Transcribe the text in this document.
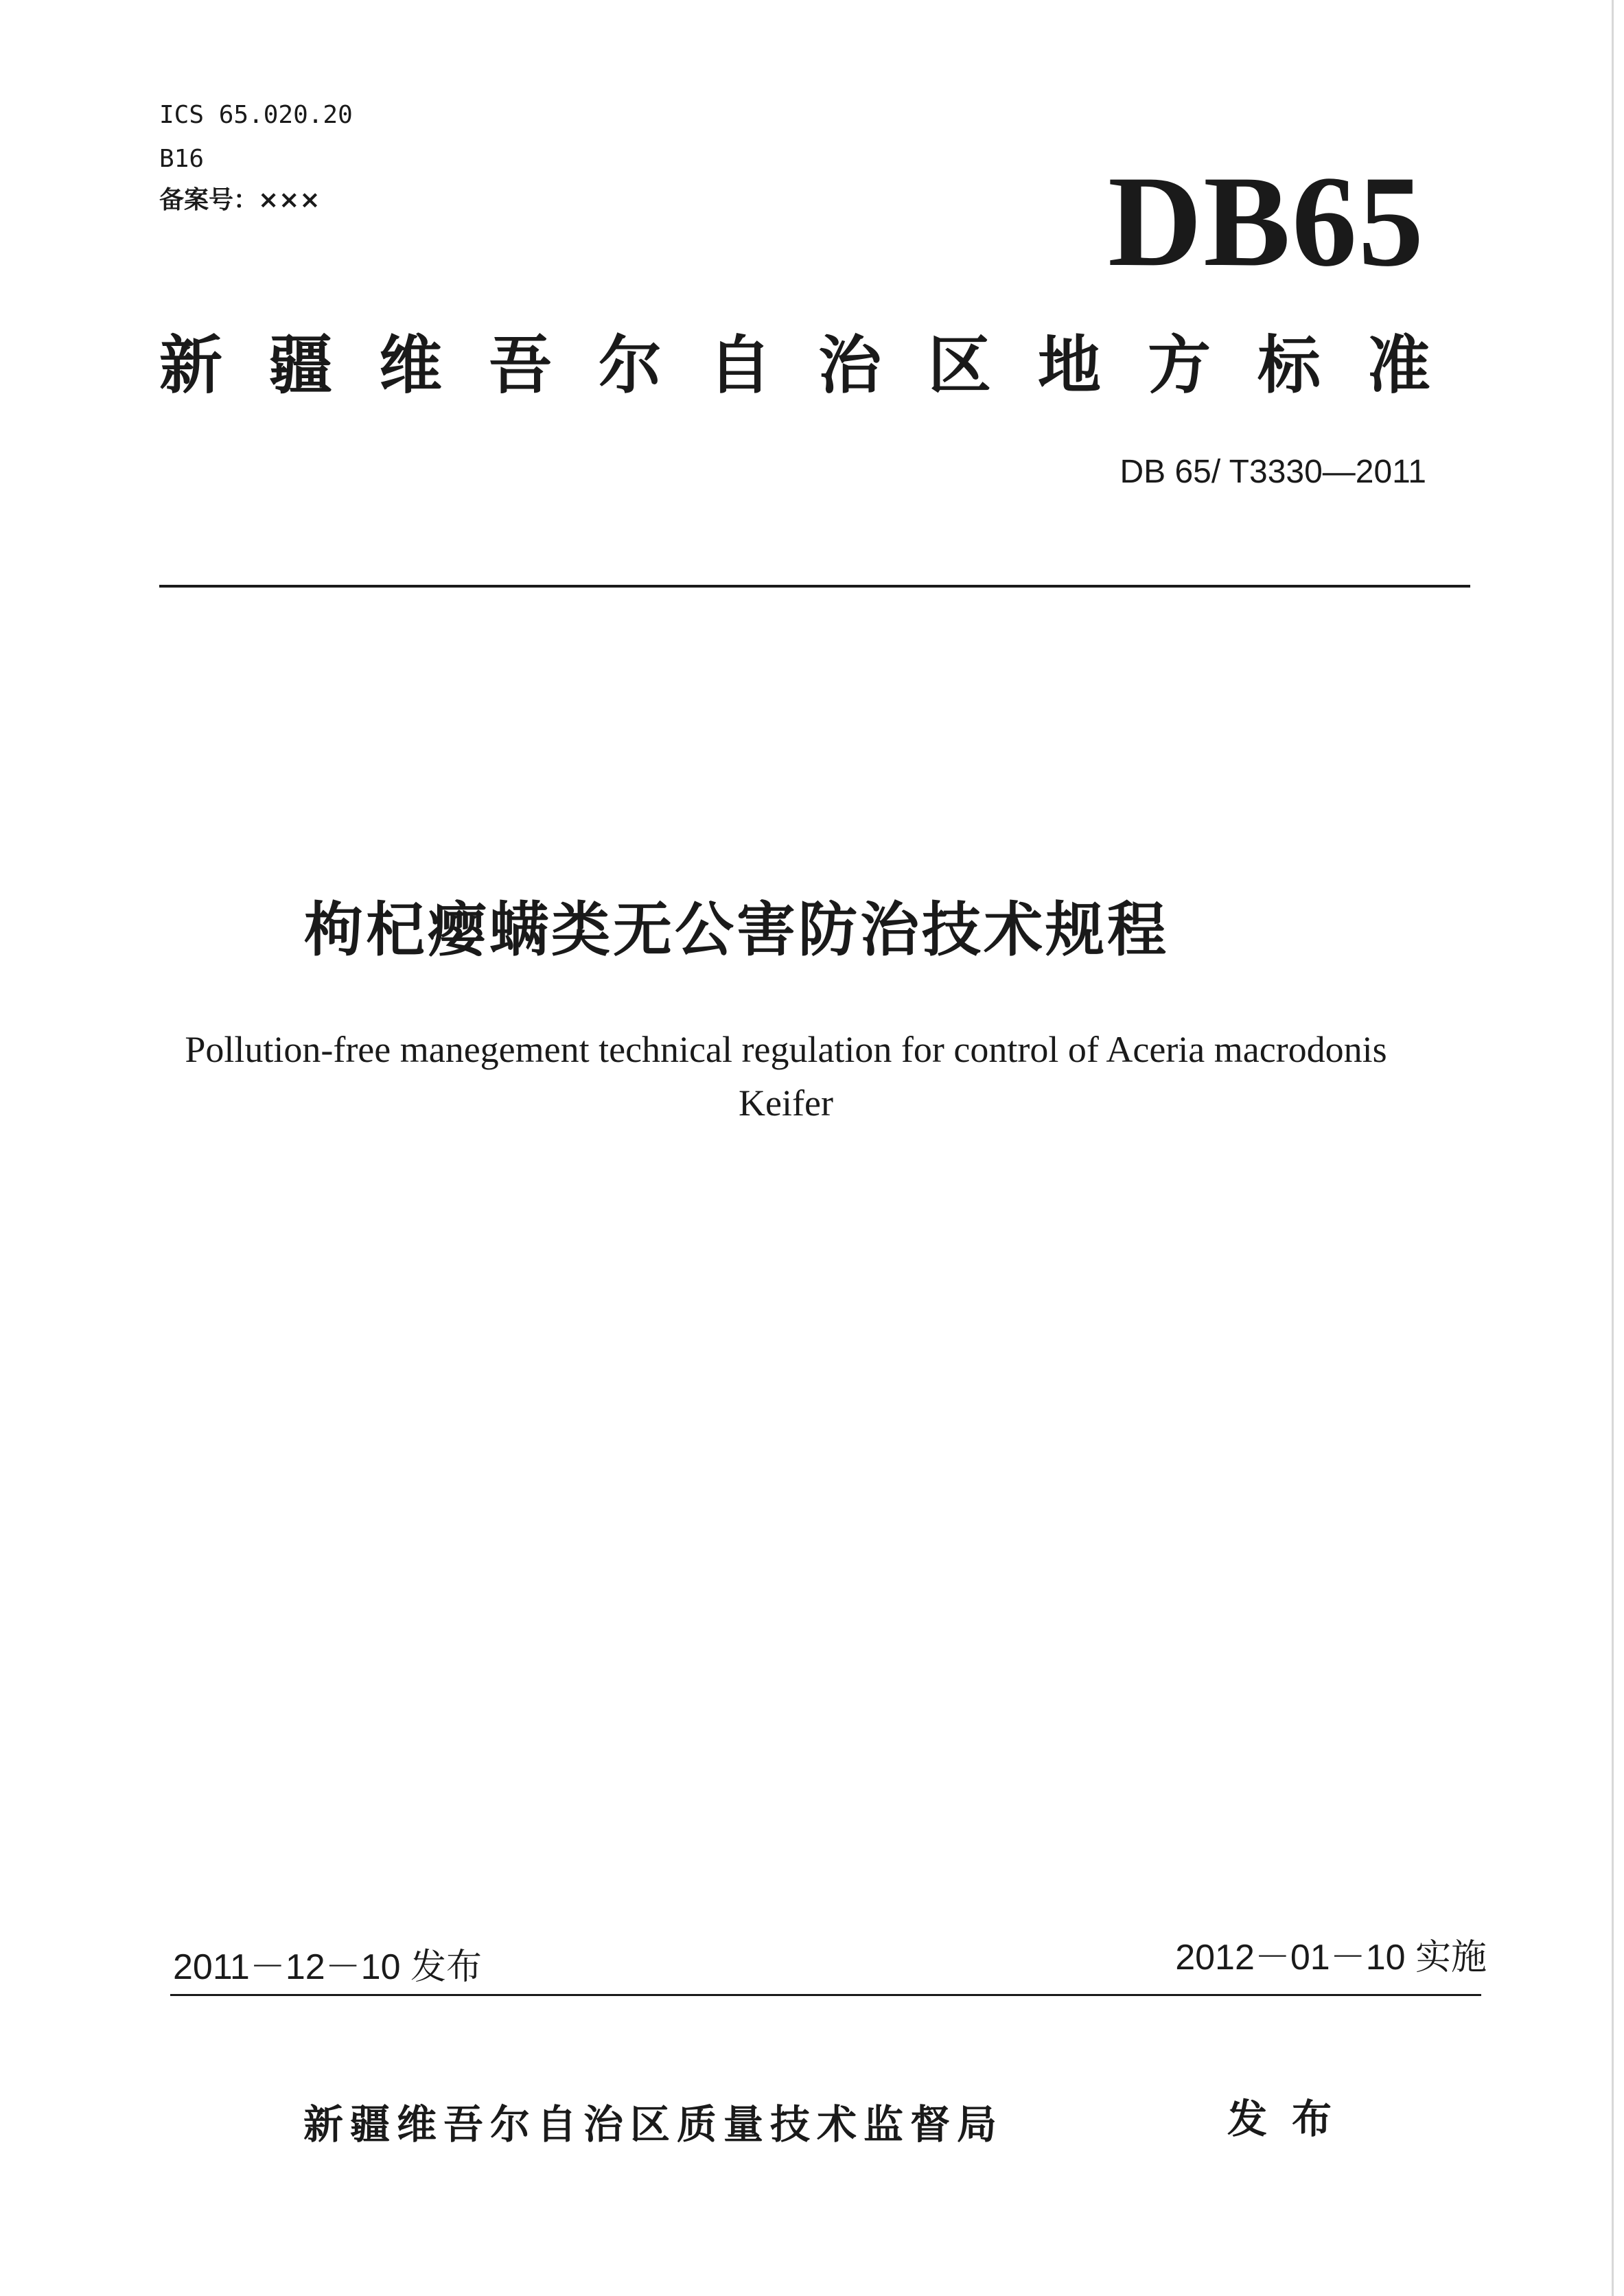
ICS 65.020.20
B16
备案号：×××	DB65
新疆维吾尔自治区地方标准
DB 65/ T3330—2011
枸杞瘿螨类无公害防治技术规程
Pollution-free manegement technical regulation for control of Aceria macrodonis Keifer
2011－12－10 发布	2012－01－10 实施
新疆维吾尔自治区质量技术监督局	发布
